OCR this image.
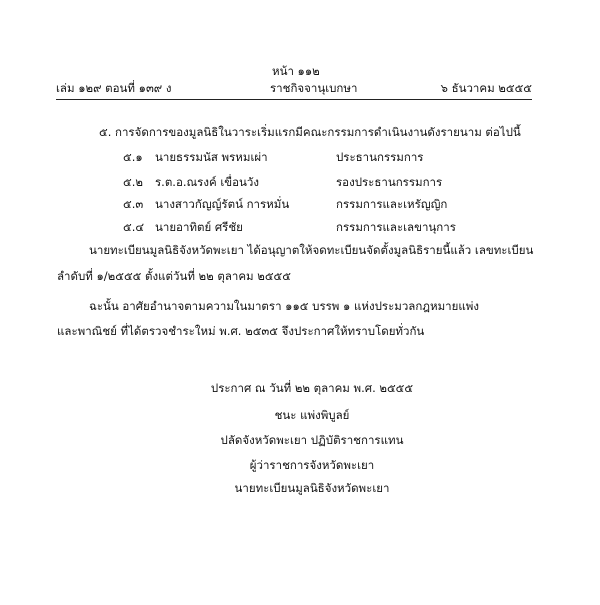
หน้า ๑๑๒
เล่ม ๑๒๙ ตอนที่ ๑๓๙ ง	ราชกิจจานุเบกษา	๖ ธันวาคม ๒๕๕๕
๕. การจัดการของมูลนิธิในวาระเริ่มแรกมีคณะกรรมการดำเนินงานดังรายนาม ต่อไปนี้
๕.๑ นายธรรมนัส พรหมเผ่า	ประธานกรรมการ
๕.๒ ร.ต.อ.ณรงค์ เขื่อนวัง	รองประธานกรรมการ
๕.๓ นางสาวกัญญ์รัตน์ การหมั่น	กรรมการและเหรัญญิก
๕.๔ นายอาทิตย์ ศรีชัย	กรรมการและเลขานุการ
นายทะเบียนมูลนิธิจังหวัดพะเยา ได้อนุญาตให้จดทะเบียนจัดตั้งมูลนิธิรายนี้แล้ว เลขทะเบียน
ลำดับที่ ๑/๒๕๕๕ ตั้งแต่วันที่ ๒๒ ตุลาคม ๒๕๕๕
ฉะนั้น อาศัยอำนาจตามความในมาตรา ๑๑๕ บรรพ ๑ แห่งประมวลกฎหมายแพ่ง
และพาณิชย์ ที่ได้ตรวจชำระใหม่ พ.ศ. ๒๕๓๕ จึงประกาศให้ทราบโดยทั่วกัน
ประกาศ ณ วันที่ ๒๒ ตุลาคม พ.ศ. ๒๕๕๕
ชนะ แพ่งพิบูลย์
ปลัดจังหวัดพะเยา ปฏิบัติราชการแทน
ผู้ว่าราชการจังหวัดพะเยา
นายทะเบียนมูลนิธิจังหวัดพะเยา
